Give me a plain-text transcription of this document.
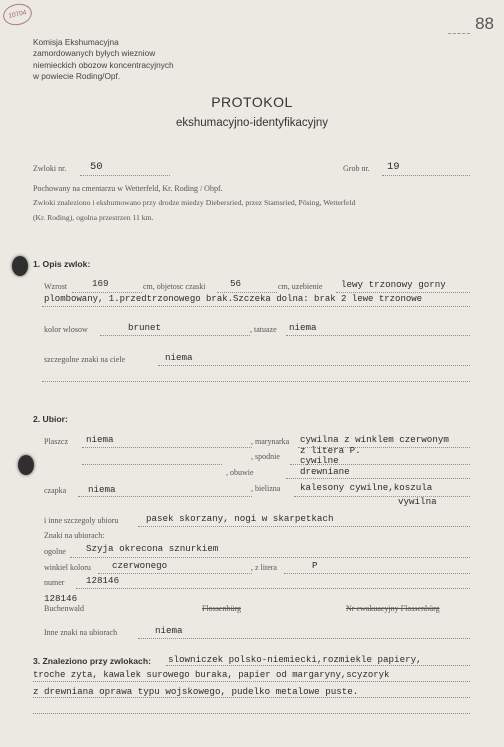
10704	88
Komisja Ekshumacyjna
zamordowanych byłych wiezniow
niemieckich obozow koncentracyjnych
w powiecie Roding/Opf.
PROTOKOL
ekshumacyjno-identyfikacyjny
Zwloki nr. 50	Grob nr. 19
Pochowany na cmentarzu w Wetterfeld, Kr. Roding / Obpf.
Zwloki znaleziono i ekshumowano przy drodze miedzy Diebersried, przez Stamsried, Pösing, Wetterfeld
(Kr. Roding), ogolna przestrzen 11 km.
1. Opis zwlok:
Wzrost	169	cm, objetosc czaski	56	cm, uzebienie lewy trzonowy gorny
plombowany, 1.przedtrzonowego brak.Szczeka dolna: brak 2 lewe trzonowe
kolor wlosow	brunet	, tatuaze niema
szczegolne znaki na ciele	niema
2. Ubior:
Plaszcz niema	, marynarka cywilna z winklem czerwonym
z litera P.
, spodnie cywilne
, obuwie	drewniane
czapka niema	, bielizna kalesony cywilne,koszula
vywilna
i inne szczegoly ubioru	pasek skorzany, nogi w skarpetkach
Znaki na ubiorach:
ogolne Szyja okrecona sznurkiem
winkiel koloru czerwonego	, z litera	P
numer 128146
128146
Buchenwald	Flossenbürg	Nr ewakuacyjny Flossenbürg
Inne znaki na ubiorach	niema
3. Znaleziono przy zwlokach: slowniczek polsko-niemiecki,rozmiekle papiery,
troche zyta, kawalek surowego buraka, papier od margaryny,scyzoryk
z drewniana oprawa typu wojskowego, pudelko metalowe puste.
